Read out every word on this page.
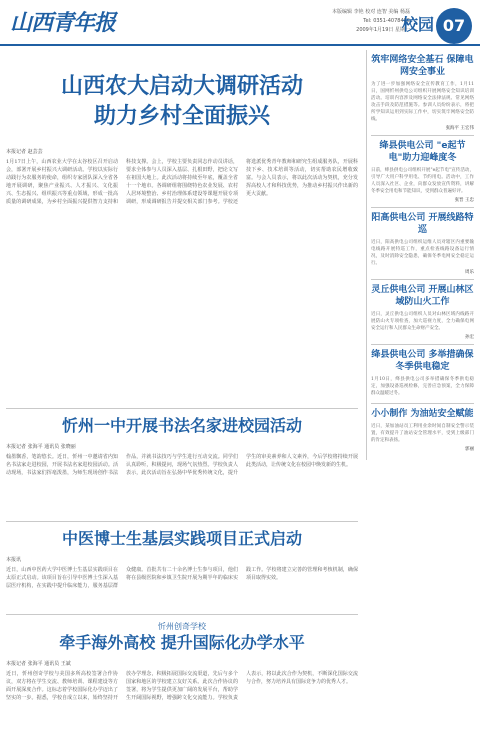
山西青年报	本版编辑 李艳 校对 连智 美编 杨磊
Tel: 0351-4078486
2009年1月19日 星期一
校园 07
山西农大启动大调研活动
助力乡村全面振兴
本报记者 赵芸芸
1月17日上午，山西农业大学在太谷校区召开启动会，部署开展乡村振兴大调研活动。学校以实际行动践行为农服务的使命，组织专家团队深入全省各地开展调研，聚焦产业振兴、人才振兴、文化振兴、生态振兴、组织振兴等重点领域，形成一批高质量的调研成果，为乡村全面振兴提供智力支持和科技支撑。会上，学校主要负责同志作动员讲话，要求全体参与人员深入基层、扎根田野，把论文写在祖国大地上。此次活动将持续至年底，覆盖全省十一个地市。各调研组将围绕特色农业发展、农村人居环境整治、乡村治理体系建设等课题开展专项调研，形成调研报告并提交相关部门参考。学校还将选派优秀青年教师和研究生组成服务队，开展科技下乡、技术培训等活动，切实帮助农民增收致富。与会人员表示，将以此次活动为契机，充分发挥高校人才和科技优势，为推动乡村振兴作出新的更大贡献。
忻州一中开展书法名家进校园活动
本报记者 张海平 通讯员 张晓丽
翰墨飘香，笔韵悠长。近日，忻州一中邀请省内知名书法家走进校园，开展书法名家进校园活动。活动现场，书法家们挥毫泼墨，为师生现场创作书法作品，并就书法技巧与学生进行互动交流。同学们认真聆听，积极提问，现场气氛热烈。学校负责人表示，此次活动旨在弘扬中华优秀传统文化，提升学生的审美素养和人文素养，今后学校将持续开展此类活动，让传统文化在校园中焕发新的生机。
中医博士生基层实践项目正式启动
本报讯
近日，山西中医药大学中医博士生基层实践项目在太原正式启动。该项目旨在引导中医博士生深入基层医疗机构，在实践中提升临床能力，服务基层群众健康。首批共有二十余名博士生参与项目，他们将在县级医院和乡镇卫生院开展为期半年的临床实践工作。学校将建立完善的管理和考核机制，确保项目取得实效。
忻州创奇学校
牵手海外高校 提升国际化办学水平
本报记者 张海平 通讯员 王斌
近日，忻州创奇学校与美国多所高校签署合作协议，双方将在学生交流、教师培训、课程建设等方面开展深度合作。这标志着学校国际化办学迈出了坚实的一步。据悉，学校自成立以来，始终坚持开放办学理念，积极拓展国际交流渠道，先后与多个国家和地区的学校建立友好关系。此次合作协议的签署，将为学生提供更加广阔的发展平台，帮助学生开阔国际视野，增强跨文化交流能力。学校负责人表示，将以此次合作为契机，不断深化国际交流与合作，努力培养具有国际竞争力的优秀人才。
筑牢网络安全基石 保障电网安全事业
为了进一步加强网络安全宣传教育工作，1月11日，国网忻州供电公司组织开展网络安全知识培训活动。培训内容涉及网络安全法律法规、常见网络攻击手段及防范措施等。参训人员纷纷表示，将把所学知识运用到实际工作中，切实筑牢网络安全防线。
张海平 王宏伟
绛县供电公司 "e起节电"助力迎峰度冬
日前，绛县供电公司组织开展"e起节电"宣传活动，引导广大用户科学用电、节约用电。活动中，工作人员深入社区、企业，向群众发放宣传资料，讲解冬季安全用电和节能知识，受到群众普遍好评。
张晋 王忠
阳高供电公司 开展线路特巡
近日，阳高供电公司组织运维人员对辖区内重要输电线路开展特巡工作，重点检查线路设备运行情况，及时消除安全隐患，确保冬季电网安全稳定运行。
周乐
灵丘供电公司 开展山林区域防山火工作
近日，灵丘供电公司组织人员对山林区域内线路开展防山火专项检查，加大巡视力度，全力确保电网安全运行和人民群众生命财产安全。
孙宏
绛县供电公司 多举措确保冬季供电稳定
1月10日，绛县供电公司多举措确保冬季供电稳定，加强设备巡视检修，完善应急预案，全力保障群众温暖过冬。
小小制作 为油站安全赋能
近日，某加油站员工利用业余时间自制安全警示装置，有效提升了油站安全管理水平，受到上级部门的肯定和表扬。
郭丽
